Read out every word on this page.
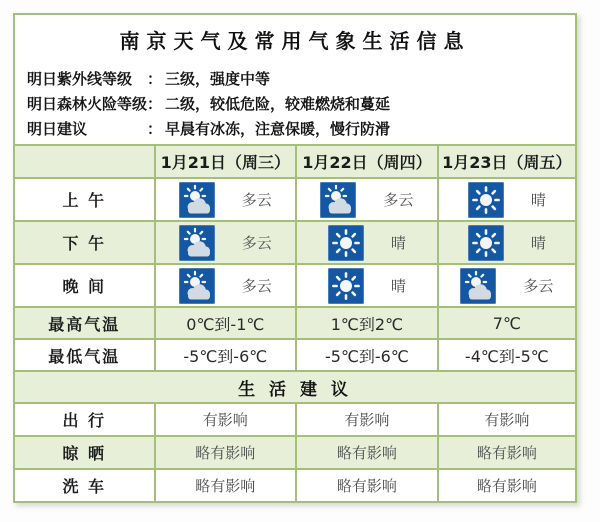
南京天气及常用气象生活信息
明日紫外线等级 ： 三级，强度中等
明日森林火险等级： 二级，较低危险，较难燃烧和蔓延
明日建议	： 早晨有冰冻，注意保暖，慢行防滑
	1月21日（周三）	1月22日（周四）	1月23日（周五）
上 午	多云	多云	晴

下 午	多云	晴	晴

晚 间	多云	晴	多云

最高气温	0℃到-1℃	1℃到2℃	7℃
最低气温	-5℃到-6℃	-5℃到-6℃	-4℃到-5℃
生 活 建 议			
出 行	有影响	有影响	有影响
晾 晒	略有影响	略有影响	略有影响
洗 车	略有影响	略有影响	略有影响
